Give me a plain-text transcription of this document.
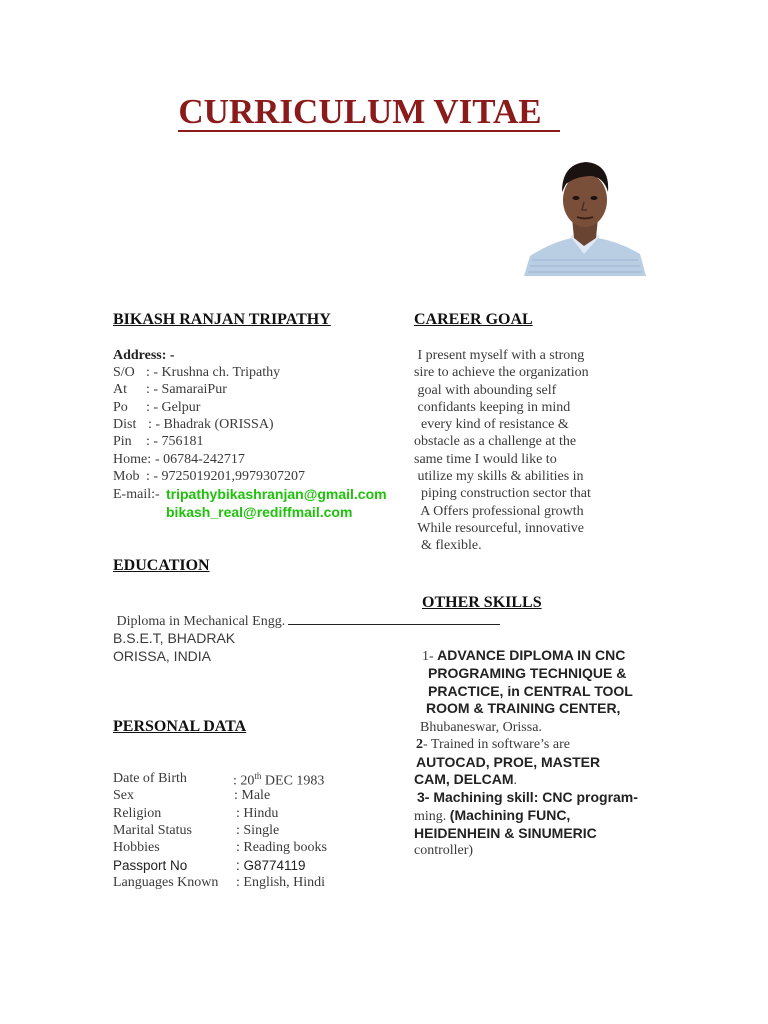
CURRICULUM VITAE
BIKASH RANJAN TRIPATHY
Address: -
S/O : - Krushna ch. Tripathy
At : - SamaraiPur
Po : - Gelpur
Dist : - Bhadrak (ORISSA)
Pin : - 756181
Home: - 06784-242717
Mob : - 9725019201,9979307207
E-mail:- tripathybikashranjan@gmail.com
bikash_real@rediffmail.com
CAREER GOAL
I present myself with a strong
sire to achieve the organization
goal with abounding self
confidants keeping in mind
every kind of resistance &
obstacle as a challenge at the
same time I would like to
utilize my skills & abilities in
piping construction sector that
A Offers professional growth
While resourceful, innovative
& flexible.
EDUCATION
Diploma in Mechanical Engg.
B.S.E.T, BHADRAK
ORISSA, INDIA
OTHER SKILLS
1- ADVANCE DIPLOMA IN CNC
PROGRAMING TECHNIQUE &
PRACTICE, in CENTRAL TOOL
ROOM & TRAINING CENTER,
Bhubaneswar, Orissa.
2- Trained in software’s are
AUTOCAD, PROE, MASTER
CAM, DELCAM.
3- Machining skill: CNC program-
ming. (Machining FUNC,
HEIDENHEIN & SINUMERIC
controller)
PERSONAL DATA
Date of Birth	: 20th DEC 1983
Sex	: Male
Religion	: Hindu
Marital Status	: Single
Hobbies	: Reading books
Passport No	: G8774119
Languages Known : English, Hindi
